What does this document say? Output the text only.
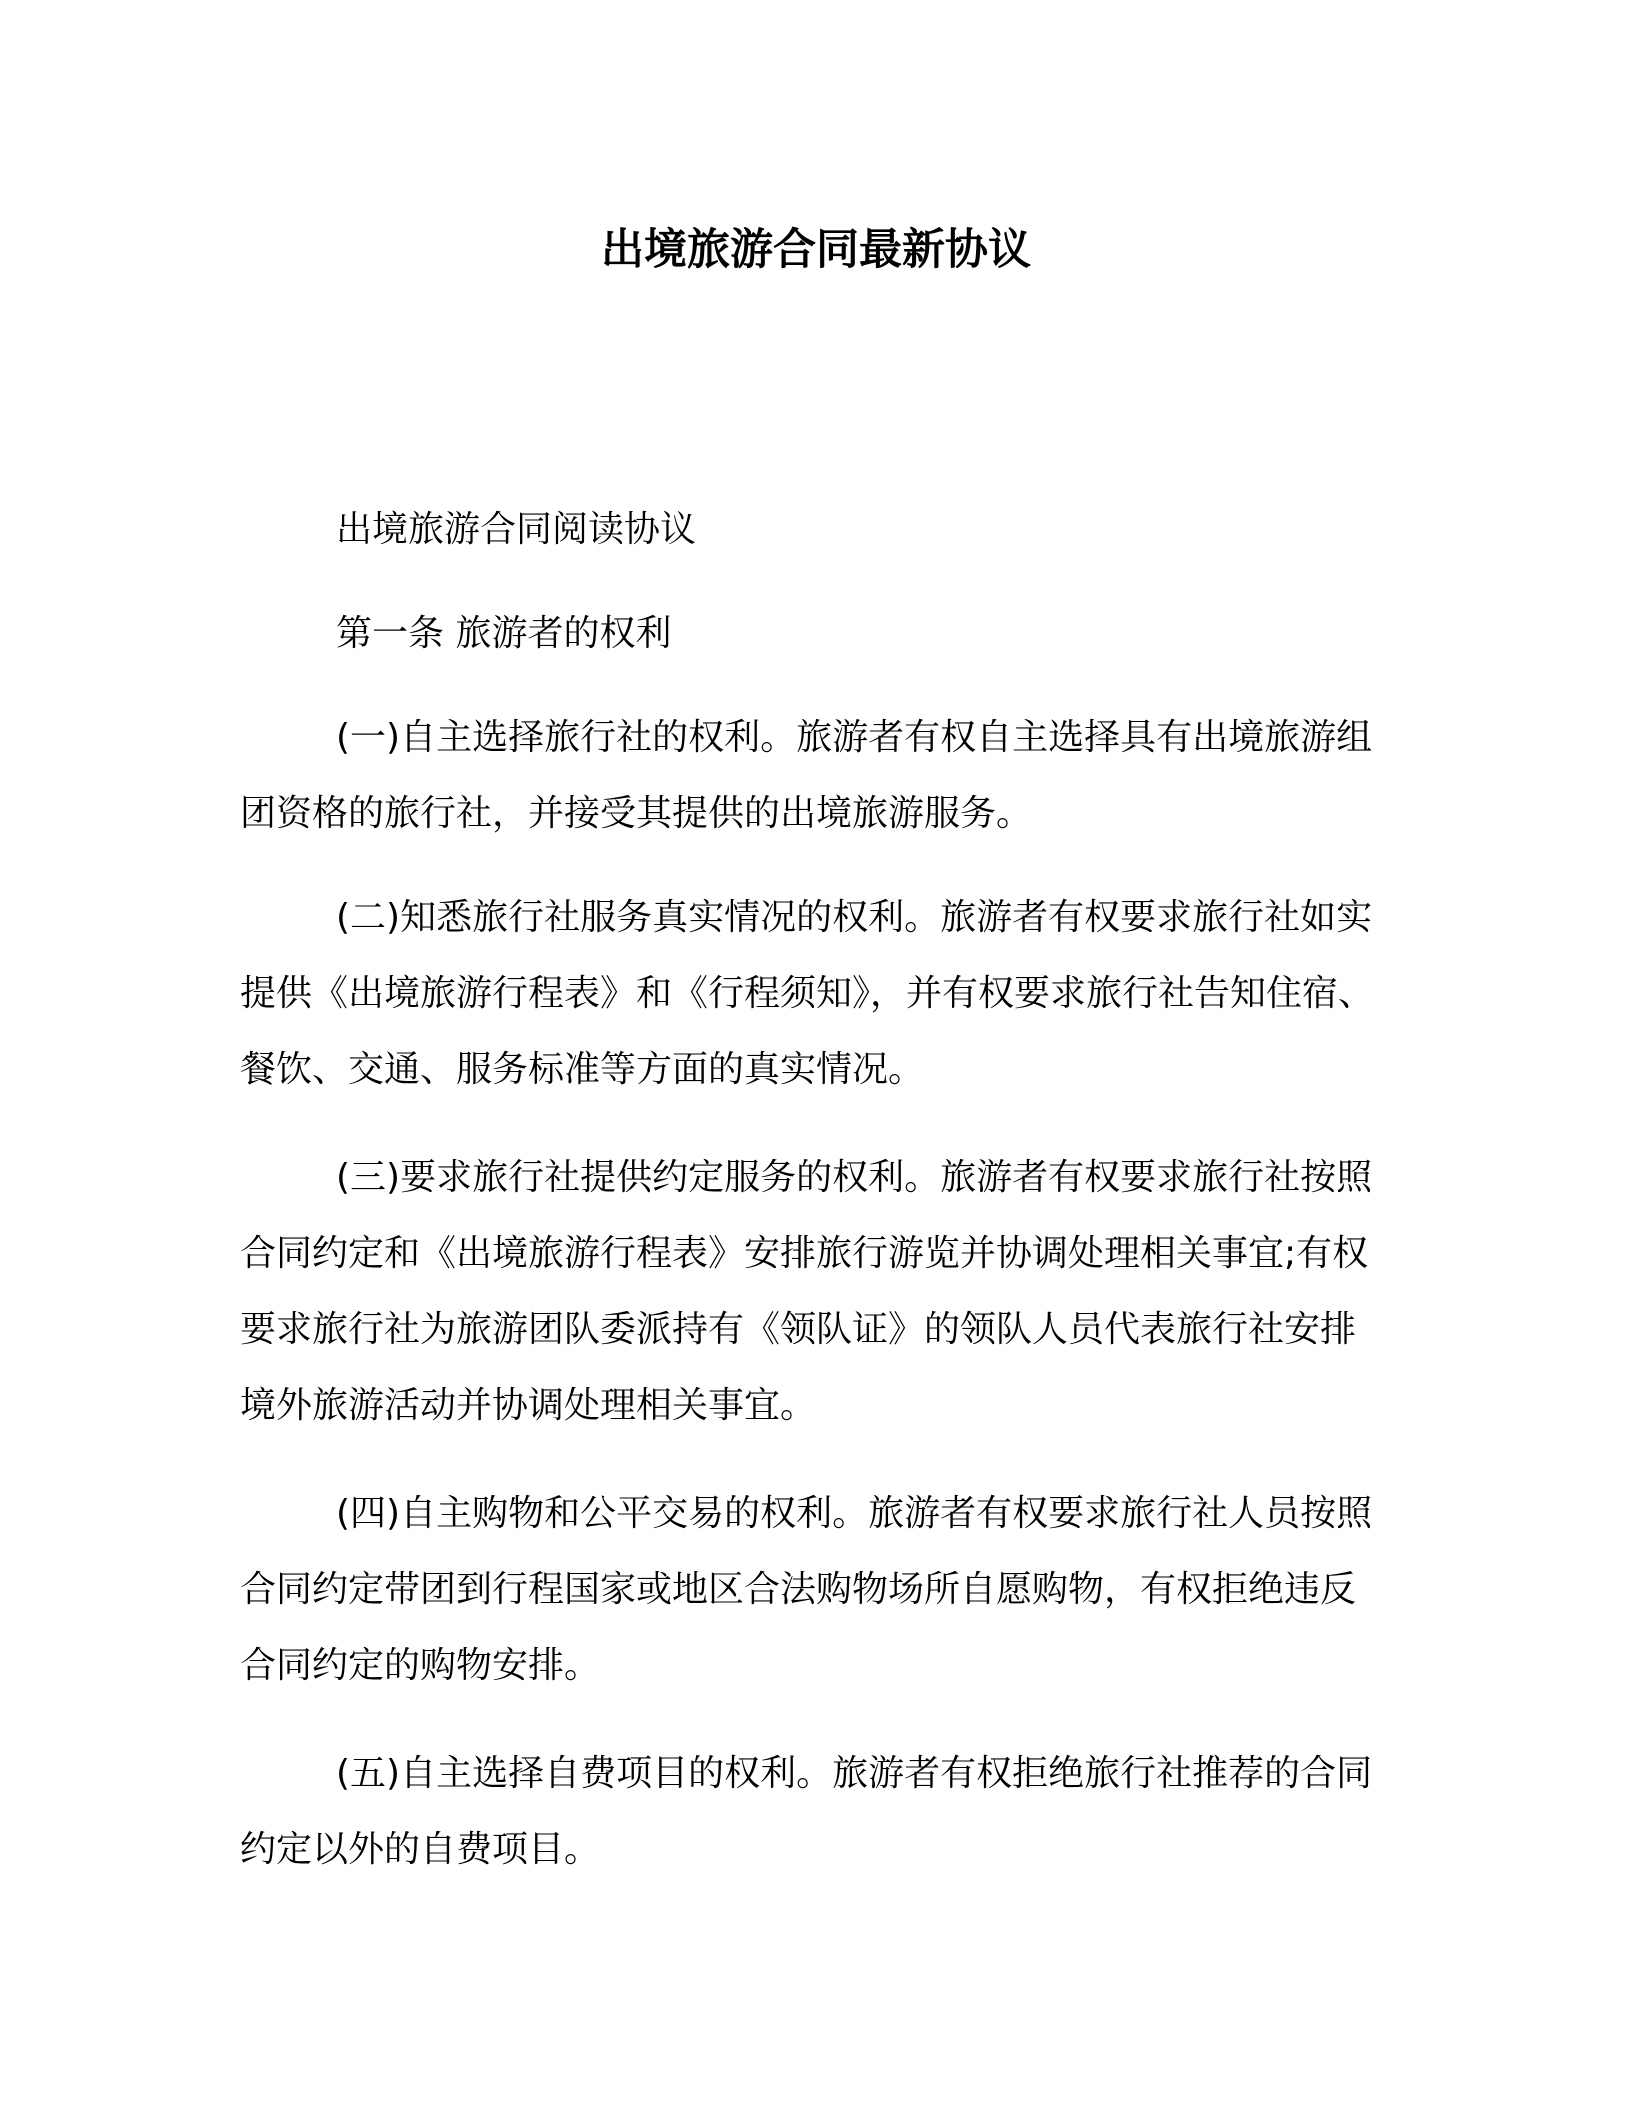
出境旅游合同最新协议

出境旅游合同阅读协议

第一条 旅游者的权利

(一)自主选择旅行社的权利。旅游者有权自主选择具有出境旅游组团资格的旅行社，并接受其提供的出境旅游服务。

(二)知悉旅行社服务真实情况的权利。旅游者有权要求旅行社如实提供《出境旅游行程表》和《行程须知》，并有权要求旅行社告知住宿、餐饮、交通、服务标准等方面的真实情况。

(三)要求旅行社提供约定服务的权利。旅游者有权要求旅行社按照合同约定和《出境旅游行程表》安排旅行游览并协调处理相关事宜;有权要求旅行社为旅游团队委派持有《领队证》的领队人员代表旅行社安排境外旅游活动并协调处理相关事宜。

(四)自主购物和公平交易的权利。旅游者有权要求旅行社人员按照合同约定带团到行程国家或地区合法购物场所自愿购物，有权拒绝违反合同约定的购物安排。

(五)自主选择自费项目的权利。旅游者有权拒绝旅行社推荐的合同约定以外的自费项目。
